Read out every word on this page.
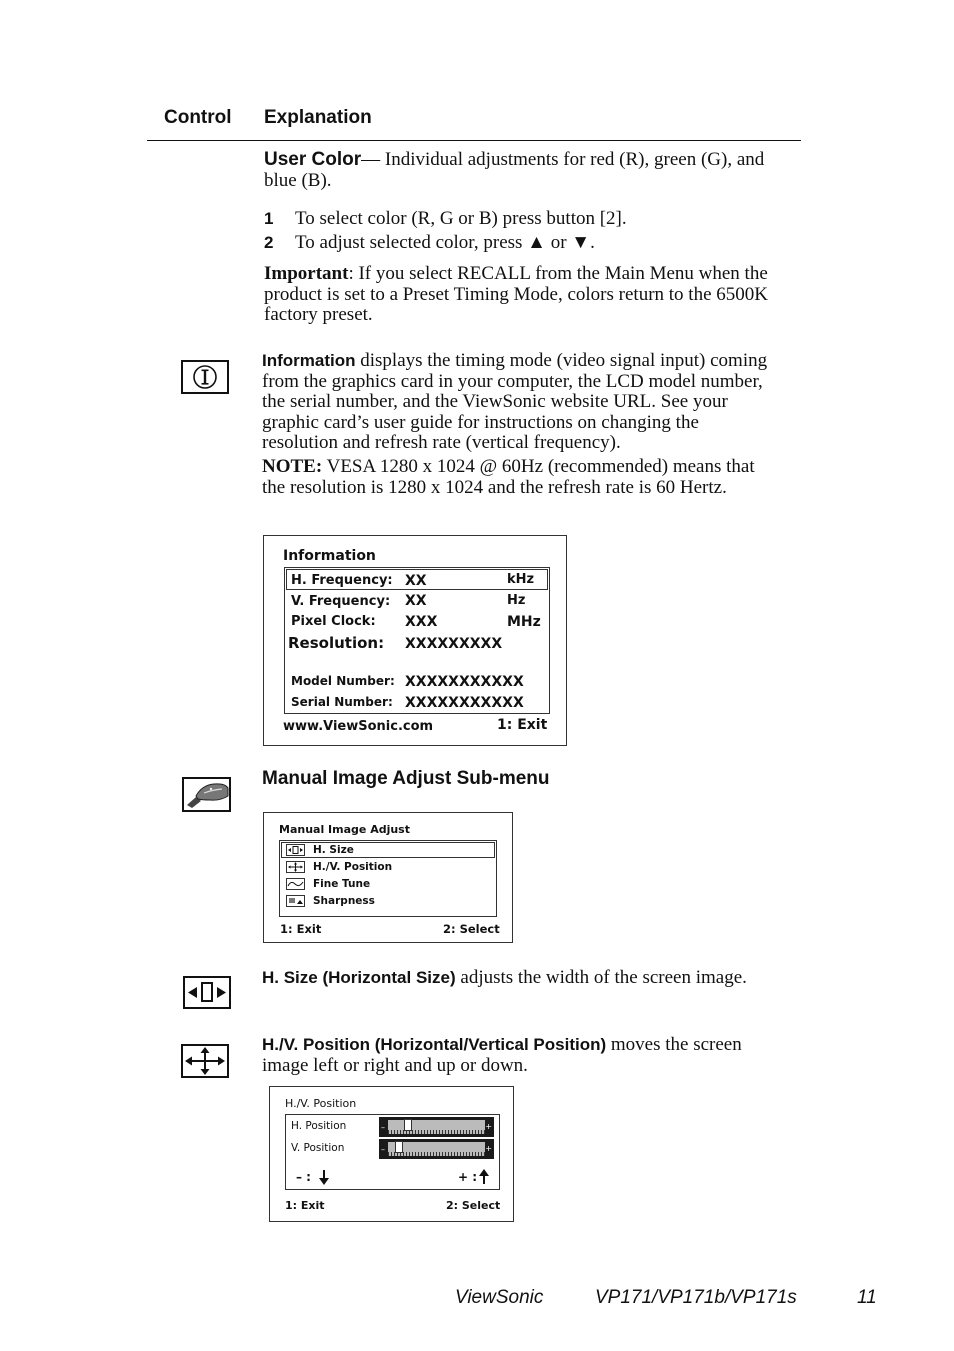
Control Explanation
User Color— Individual adjustments for red (R), green (G), and blue (B).
1 To select color (R, G or B) press button [2].
2 To adjust selected color, press ▲ or ▼.
Important: If you select RECALL from the Main Menu when the product is set to a Preset Timing Mode, colors return to the 6500K factory preset.
Information displays the timing mode (video signal input) coming from the graphics card in your computer, the LCD model number, the serial number, and the ViewSonic website URL. See your graphic card’s user guide for instructions on changing the resolution and refresh rate (vertical frequency).
NOTE: VESA 1280 x 1024 @ 60Hz (recommended) means that the resolution is 1280 x 1024 and the refresh rate is 60 Hertz.
Information
H. Frequency: XX	kHz
V. Frequency: XX	Hz
Pixel Clock: XXX	MHz
Resolution: XXXXXXXXX
Model Number: XXXXXXXXXXX
Serial Number: XXXXXXXXXXX
www.ViewSonic.com	1: Exit
Manual Image Adjust Sub-menu
Manual Image Adjust
H. Size
H./V. Position
Fine Tune
Sharpness
1: Exit	2: Select
H. Size (Horizontal Size) adjusts the width of the screen image.
H./V. Position (Horizontal/Vertical Position) moves the screen image left or right and up or down.
H./V. Position
H. Position
V. Position
–	+
–	+
– :	+ :
1: Exit	2: Select
ViewSonic	VP171/VP171b/VP171s	11
